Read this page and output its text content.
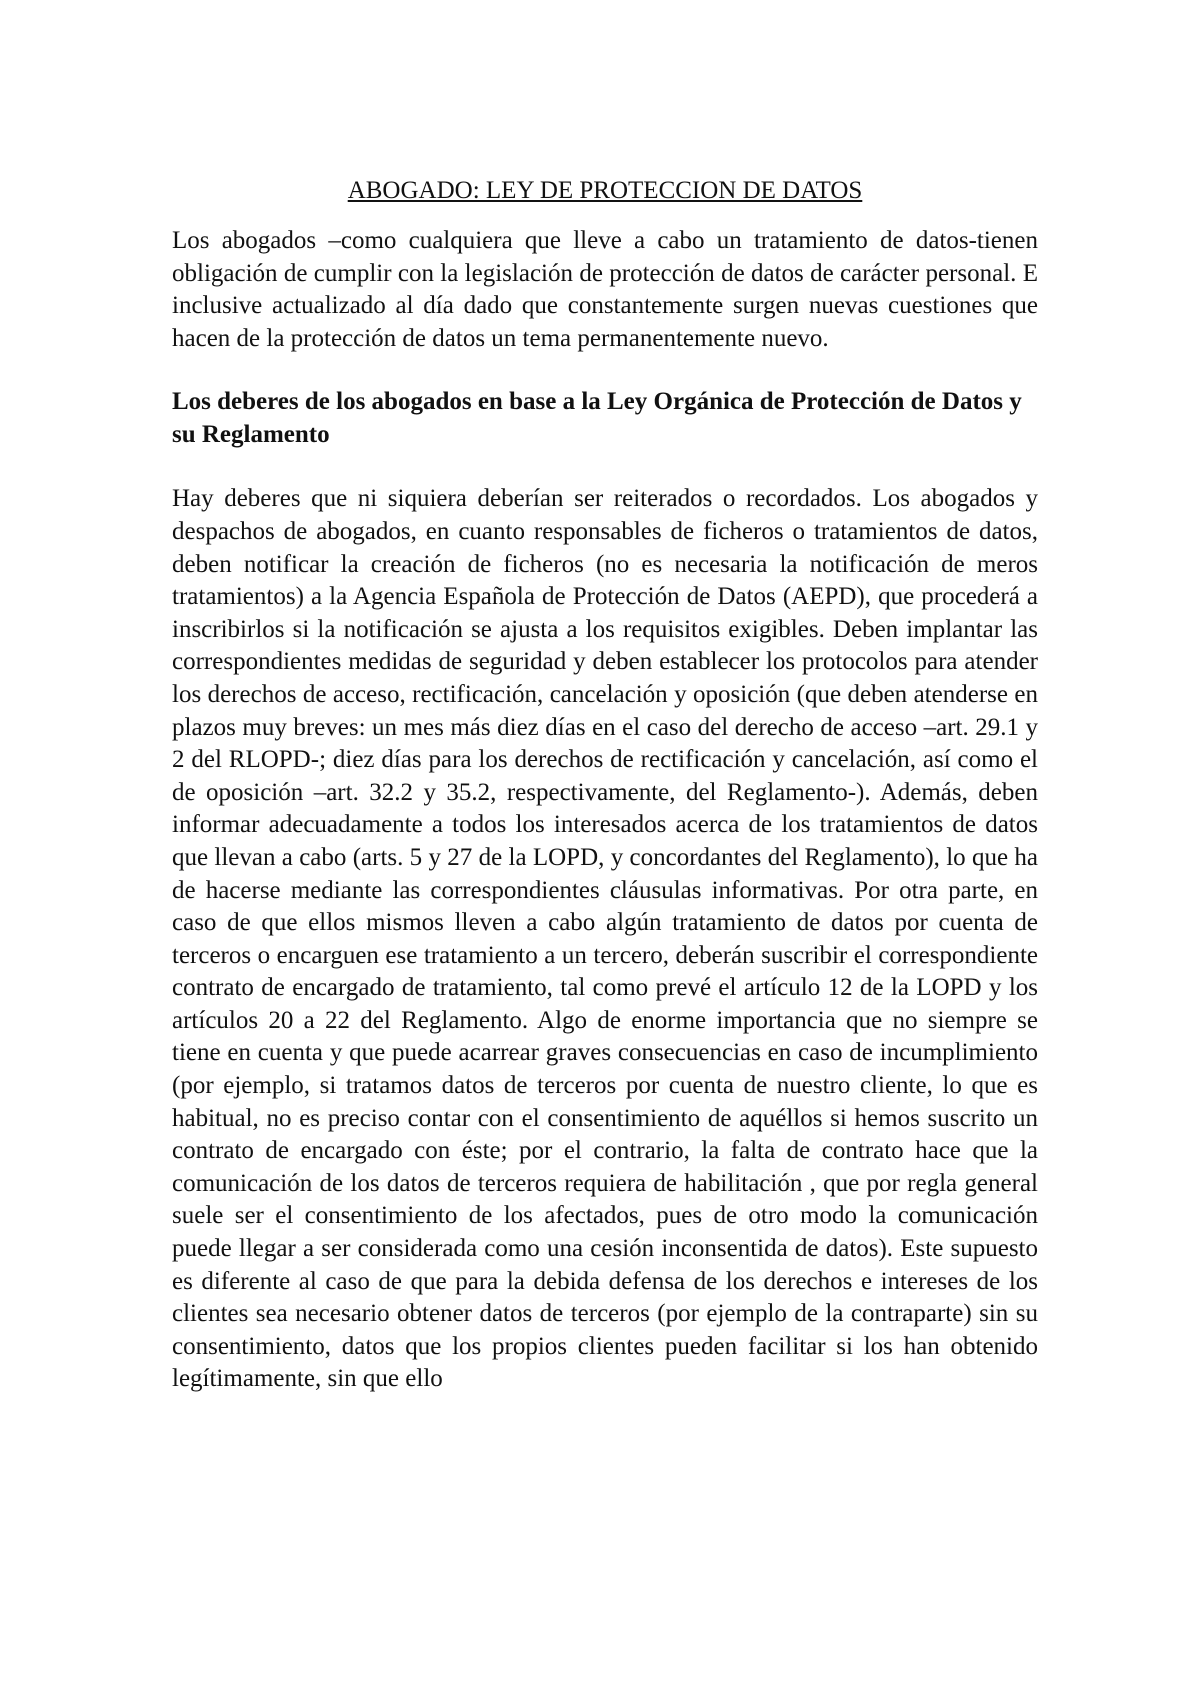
ABOGADO: LEY DE PROTECCION DE DATOS

Los abogados –como cualquiera que lleve a cabo un tratamiento de datos-tienen obligación de cumplir con la legislación de protección de datos de carácter personal. E inclusive actualizado al día dado que constantemente surgen nuevas cuestiones que hacen de la protección de datos un tema permanentemente nuevo.

Los deberes de los abogados en base a la Ley Orgánica de Protección de Datos y su Reglamento

Hay deberes que ni siquiera deberían ser reiterados o recordados. Los abogados y despachos de abogados, en cuanto responsables de ficheros o tratamientos de datos, deben notificar la creación de ficheros (no es necesaria la notificación de meros tratamientos) a la Agencia Española de Protección de Datos (AEPD), que procederá a inscribirlos si la notificación se ajusta a los requisitos exigibles. Deben implantar las correspondientes medidas de seguridad y deben establecer los protocolos para atender los derechos de acceso, rectificación, cancelación y oposición (que deben atenderse en plazos muy breves: un mes más diez días en el caso del derecho de acceso –art. 29.1 y 2 del RLOPD-; diez días para los derechos de rectificación y cancelación, así como el de oposición –art. 32.2 y 35.2, respectivamente, del Reglamento-). Además, deben informar adecuadamente a todos los interesados acerca de los tratamientos de datos que llevan a cabo (arts. 5 y 27 de la LOPD, y concordantes del Reglamento), lo que ha de hacerse mediante las correspondientes cláusulas informativas. Por otra parte, en caso de que ellos mismos lleven a cabo algún tratamiento de datos por cuenta de terceros o encarguen ese tratamiento a un tercero, deberán suscribir el correspondiente contrato de encargado de tratamiento, tal como prevé el artículo 12 de la LOPD y los artículos 20 a 22 del Reglamento. Algo de enorme importancia que no siempre se tiene en cuenta y que puede acarrear graves consecuencias en caso de incumplimiento (por ejemplo, si tratamos datos de terceros por cuenta de nuestro cliente, lo que es habitual, no es preciso contar con el consentimiento de aquéllos si hemos suscrito un contrato de encargado con éste; por el contrario, la falta de contrato hace que la comunicación de los datos de terceros requiera de habilitación , que por regla general suele ser el consentimiento de los afectados, pues de otro modo la comunicación puede llegar a ser considerada como una cesión inconsentida de datos). Este supuesto es diferente al caso de que para la debida defensa de los derechos e intereses de los clientes sea necesario obtener datos de terceros (por ejemplo de la contraparte) sin su consentimiento, datos que los propios clientes pueden facilitar si los han obtenido legítimamente, sin que ello
